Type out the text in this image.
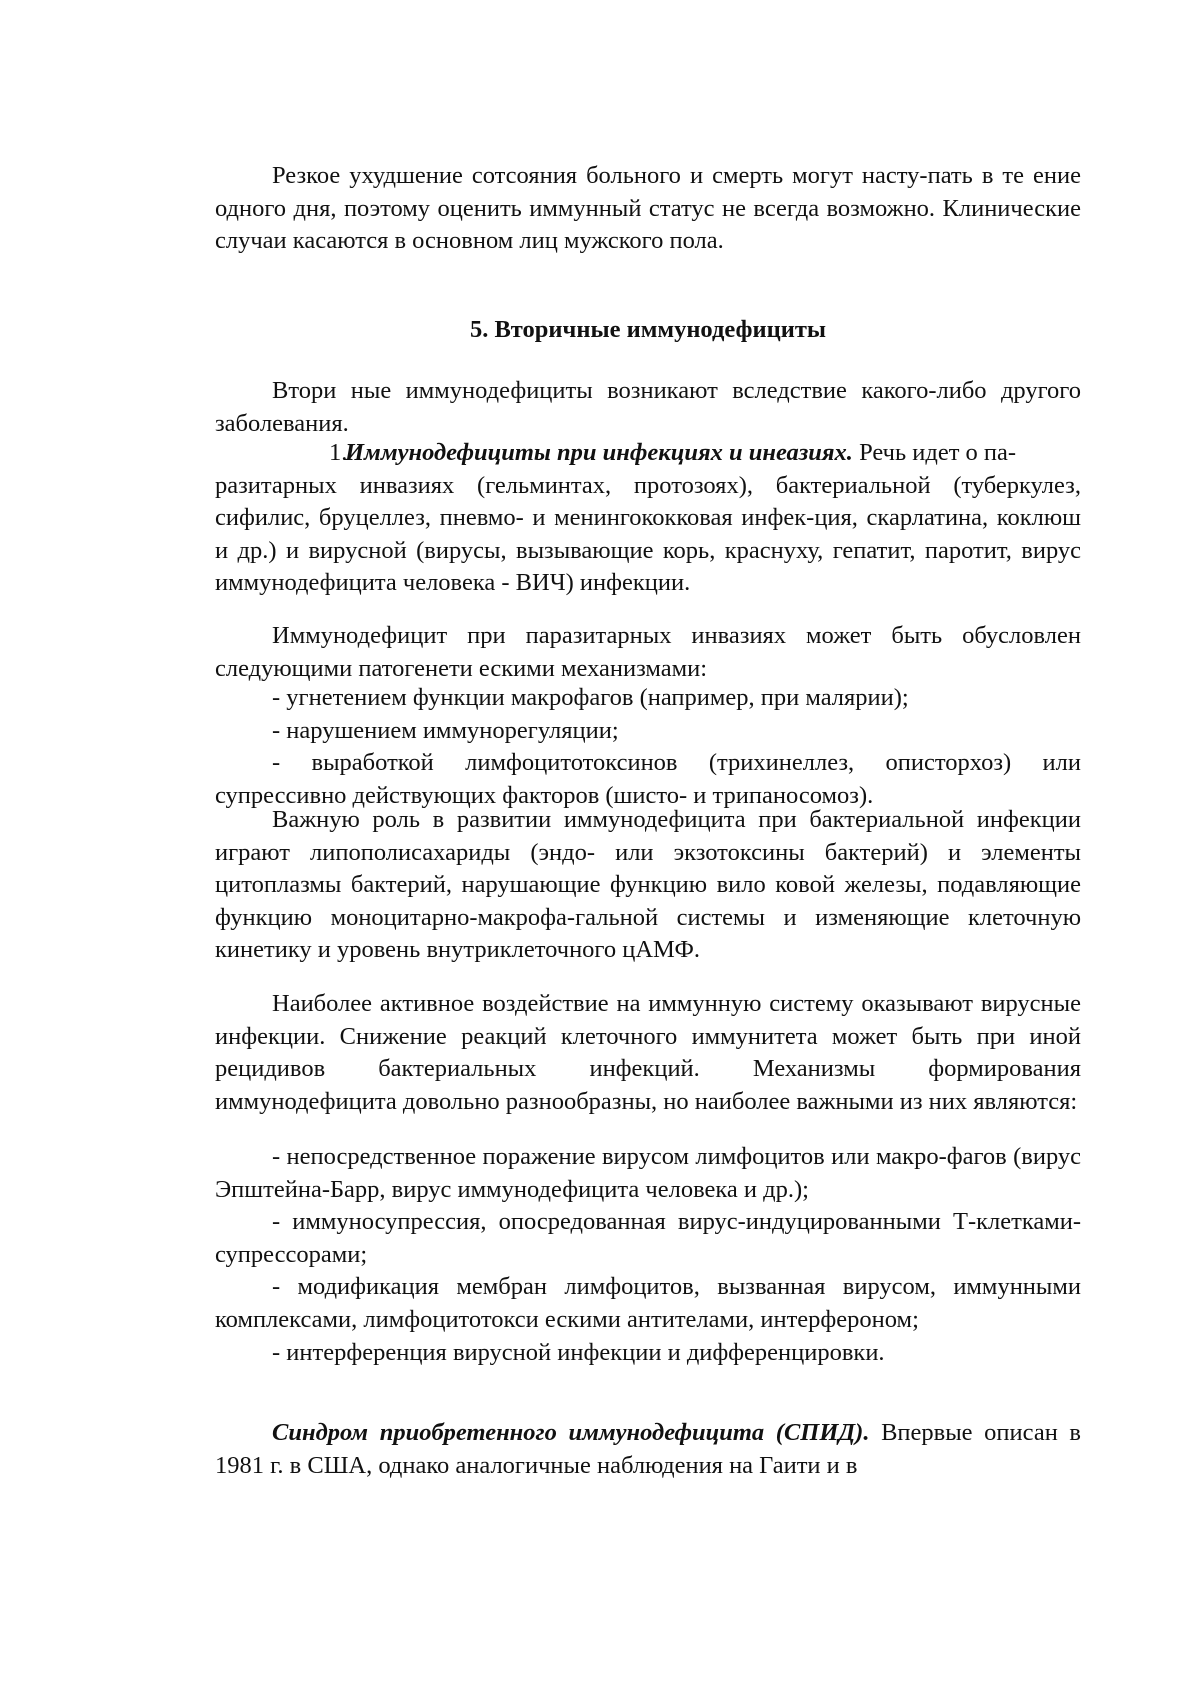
Резкое ухудшение сотсояния больного и смерть могут насту-пать в те ение одного дня, поэтому оценить иммунный статус не всегда возможно. Клинические случаи касаются в основном лиц мужского пола.

5. Вторичные иммунодефициты

Втори ные иммунодефициты возникают вследствие какого-либо другого заболевания.

1.Иммунодефициты при инфекциях и инеазиях. Речь идет о па-

разитарных инвазиях (гельминтах, протозоях), бактериальной (туберкулез, сифилис, бруцеллез, пневмо- и менингококковая инфек-ция, скарлатина, коклюш и др.) и вирусной (вирусы, вызывающие корь, краснуху, гепатит, паротит, вирус иммунодефицита человека - ВИЧ) инфекции.

Иммунодефицит при паразитарных инвазиях может быть обусловлен следующими патогенети ескими механизмами:

- угнетением функции макрофагов (например, при малярии);

- нарушением иммунорегуляции;

- выработкой лимфоцитотоксинов (трихинеллез, описторхоз) или супрессивно действующих факторов (шисто- и трипаносомоз).

Важную роль в развитии иммунодефицита при бактериальной инфекции играют липополисахариды (эндо- или экзотоксины бактерий) и элементы цитоплазмы бактерий, нарушающие функцию вило ковой железы, подавляющие функцию моноцитарно-макрофа-гальной системы и изменяющие клеточную кинетику и уровень внутриклеточного цАМФ.

Наиболее активное воздействие на иммунную систему оказывают вирусные инфекции. Снижение реакций клеточного иммунитета может быть при иной рецидивов бактериальных инфекций. Механизмы формирования иммунодефицита довольно разнообразны, но наиболее важными из них являются:

- непосредственное поражение вирусом лимфоцитов или макро-фагов (вирус Эпштейна-Барр, вирус иммунодефицита человека и др.);

- иммуносупрессия, опосредованная вирус-индуцированными Т-клетками-супрессорами;

- модификация мембран лимфоцитов, вызванная вирусом, иммунными комплексами, лимфоцитотокси ескими антителами, интерфероном;

- интерференция вирусной инфекции и дифференцировки.

Синдром приобретенного иммунодефицита (СПИД). Впервые описан в 1981 г. в США, однако аналогичные наблюдения на Гаити и в
